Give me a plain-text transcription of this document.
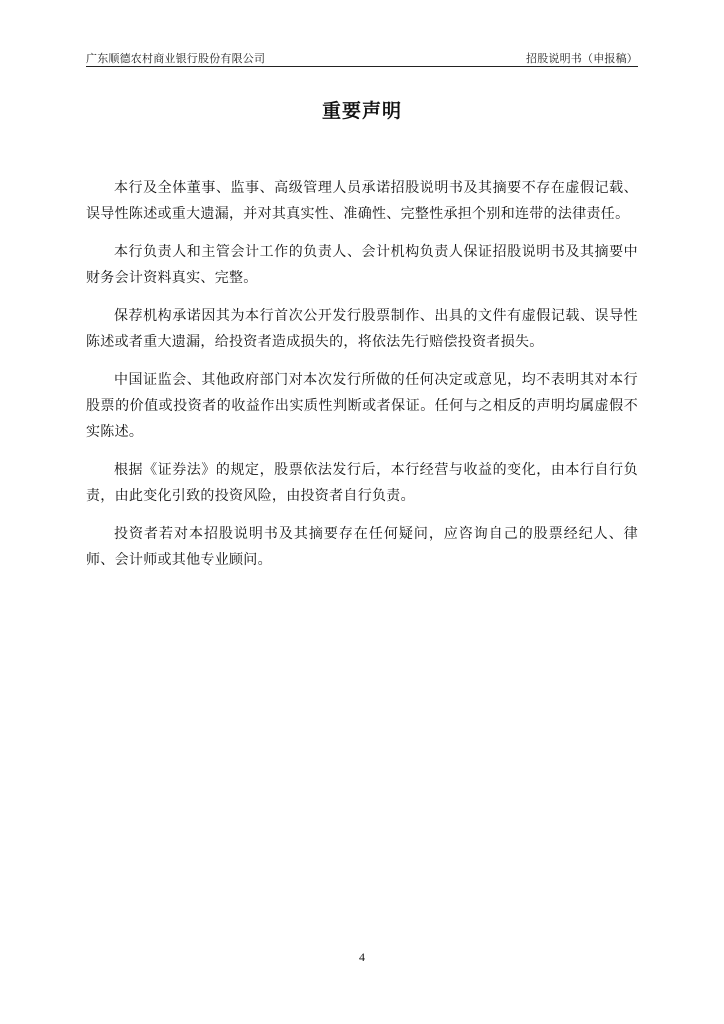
广东顺德农村商业银行股份有限公司	招股说明书（申报稿）
重要声明

本行及全体董事、监事、高级管理人员承诺招股说明书及其摘要不存在虚假记载、误导性陈述或重大遗漏，并对其真实性、准确性、完整性承担个别和连带的法律责任。

本行负责人和主管会计工作的负责人、会计机构负责人保证招股说明书及其摘要中财务会计资料真实、完整。

保荐机构承诺因其为本行首次公开发行股票制作、出具的文件有虚假记载、误导性陈述或者重大遗漏，给投资者造成损失的，将依法先行赔偿投资者损失。

中国证监会、其他政府部门对本次发行所做的任何决定或意见，均不表明其对本行股票的价值或投资者的收益作出实质性判断或者保证。任何与之相反的声明均属虚假不实陈述。

根据《证券法》的规定，股票依法发行后，本行经营与收益的变化，由本行自行负责，由此变化引致的投资风险，由投资者自行负责。

投资者若对本招股说明书及其摘要存在任何疑问，应咨询自己的股票经纪人、律师、会计师或其他专业顾问。

4
